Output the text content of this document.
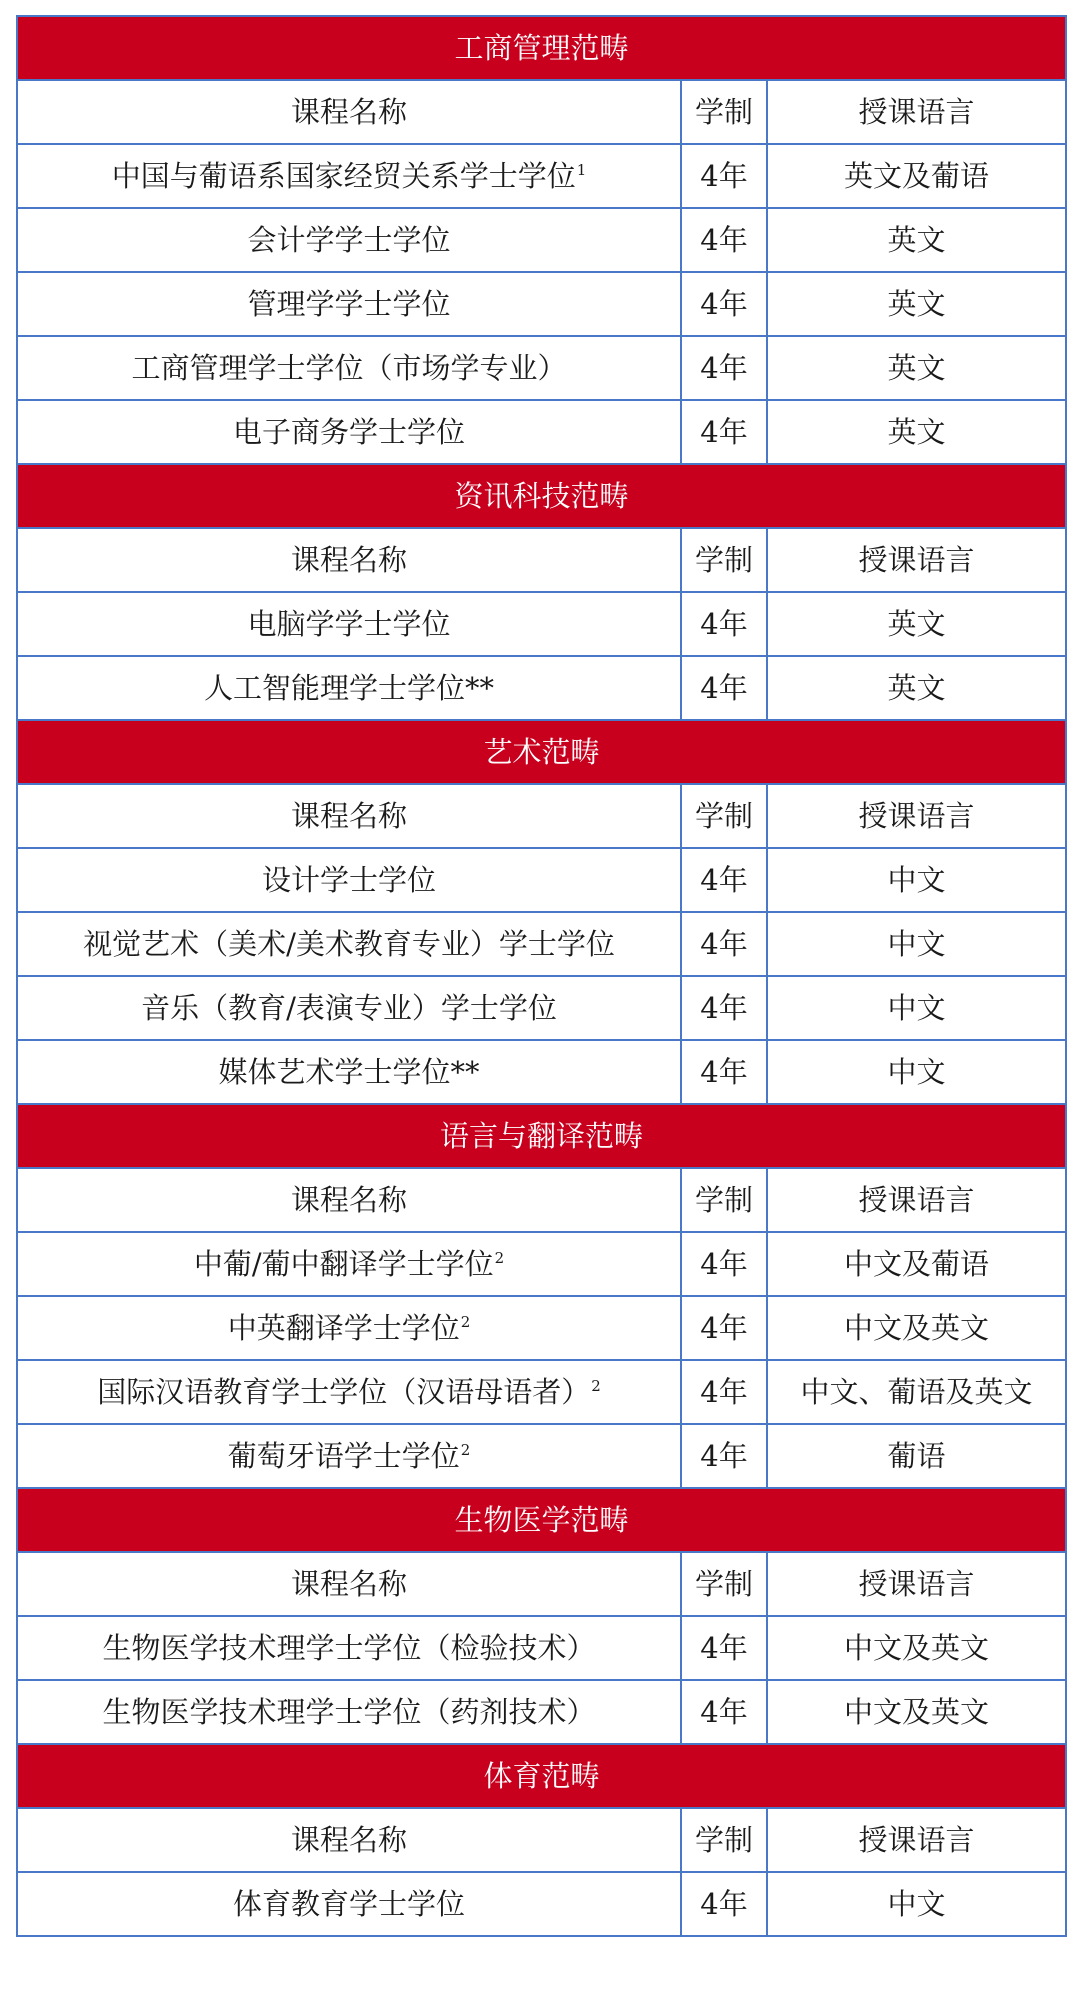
工商管理范畴		
课程名称	学制	授课语言
中国与葡语系国家经贸关系学士学位$^1$	4年	英文及葡语
会计学学士学位	4年	英文
管理学学士学位	4年	英文
工商管理学士学位（市场学专业）	4年	英文
电子商务学士学位	4年	英文
资讯科技范畴		
课程名称	学制	授课语言
电脑学学士学位	4年	英文
人工智能理学士学位**	4年	英文
艺术范畴		
课程名称	学制	授课语言
设计学士学位	4年	中文
视觉艺术（美术/美术教育专业）学士学位	4年	中文
音乐（教育/表演专业）学士学位	4年	中文
媒体艺术学士学位**	4年	中文
语言与翻译范畴		
课程名称	学制	授课语言
中葡/葡中翻译学士学位$^2$	4年	中文及葡语
中英翻译学士学位$^2$	4年	中文及英文
国际汉语教育学士学位（汉语母语者）$^2$	4年	中文、葡语及英文
葡萄牙语学士学位$^2$	4年	葡语
生物医学范畴		
课程名称	学制	授课语言
生物医学技术理学士学位（检验技术）	4年	中文及英文
生物医学技术理学士学位（药剂技术）	4年	中文及英文
体育范畴		
课程名称	学制	授课语言
体育教育学士学位	4年	中文
